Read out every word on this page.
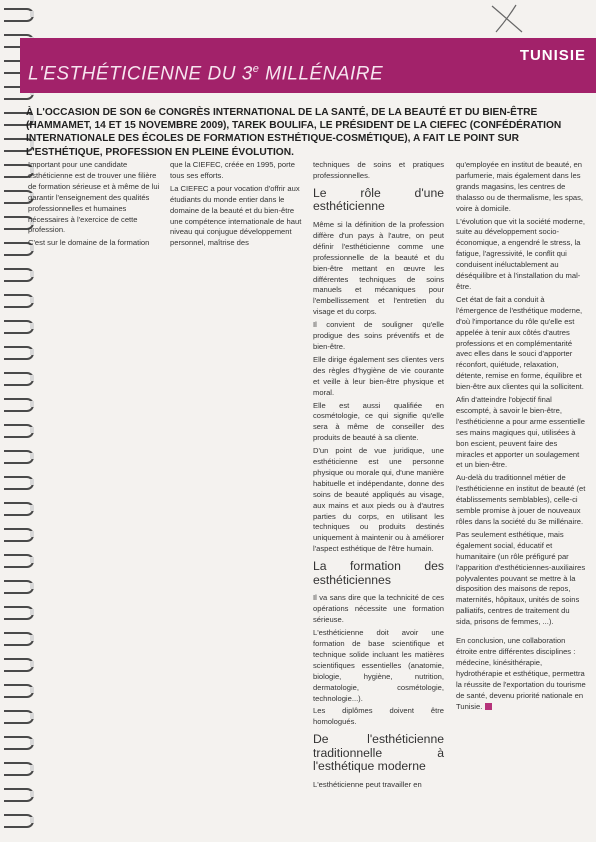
TUNISIE
L'ESTHÉTICIENNE DU 3e MILLÉNAIRE
À L'OCCASION DE SON 6e CONGRÈS INTERNATIONAL DE LA SANTÉ, DE LA BEAUTÉ ET DU BIEN-ÊTRE (HAMMAMET, 14 ET 15 NOVEMBRE 2009), TAREK BOULIFA, LE PRÉSIDENT DE LA CIEFEC (CONFÉDÉRATION INTERNATIONALE DES ÉCOLES DE FORMATION ESTHÉTIQUE-COSMÉTIQUE), A FAIT LE POINT SUR L'ESTHÉTIQUE, PROFESSION EN PLEINE ÉVOLUTION.

Important pour une candidate esthéticienne est de trouver une filière de formation sérieuse et à même de lui garantir l'enseignement des qualités professionnelles et humaines nécessaires à l'exercice de cette profession.

C'est sur le domaine de la formation

que la CIEFEC, créée en 1995, porte tous ses efforts.

La CIEFEC a pour vocation d'offrir aux étudiants du monde entier dans le domaine de la beauté et du bien-être une compétence internationale de haut niveau qui conjugue développement personnel, maîtrise des

techniques de soins et pratiques professionnelles.

Le rôle d'une esthéticienne

Même si la définition de la profession diffère d'un pays à l'autre, on peut définir l'esthéticienne comme une professionnelle de la beauté et du bien-être mettant en œuvre les différentes techniques de soins manuels et mécaniques pour l'embellissement et l'entretien du visage et du corps.

Il convient de souligner qu'elle prodigue des soins préventifs et de bien-être.

Elle dirige également ses clientes vers des règles d'hygiène de vie courante et veille à leur bien-être physique et moral.

Elle est aussi qualifiée en cosmétologie, ce qui signifie qu'elle sera à même de conseiller des produits de beauté à sa cliente.

D'un point de vue juridique, une esthéticienne est une personne physique ou morale qui, d'une manière habituelle et indépendante, donne des soins de beauté appliqués au visage, aux mains et aux pieds ou à d'autres parties du corps, en utilisant les techniques ou produits destinés uniquement à maintenir ou à améliorer l'aspect esthétique de l'être humain.

La formation des esthéticiennes

Il va sans dire que la technicité de ces opérations nécessite une formation sérieuse.

L'esthéticienne doit avoir une formation de base scientifique et technique solide incluant les matières scientifiques essentielles (anatomie, biologie, hygiène, nutrition, dermatologie, cosmétologie, technologie...).

Les diplômes doivent être homologués.

De l'esthéticienne traditionnelle à l'esthétique moderne

L'esthéticienne peut travailler en

qu'employée en institut de beauté, en parfumerie, mais également dans les grands magasins, les centres de thalasso ou de thermalisme, les spas, voire à domicile.

L'évolution que vit la société moderne, suite au développement socio-économique, a engendré le stress, la fatigue, l'agressivité, le conflit qui conduisent inéluctablement au déséquilibre et à l'installation du mal-être.

Cet état de fait a conduit à l'émergence de l'esthétique moderne, d'où l'importance du rôle qu'elle est appelée à tenir aux côtés d'autres professions et en complémentarité avec elles dans le souci d'apporter réconfort, quiétude, relaxation, détente, remise en forme, équilibre et bien-être aux clientes qui la sollicitent.

Afin d'atteindre l'objectif final escompté, à savoir le bien-être, l'esthéticienne a pour arme essentielle ses mains magiques qui, utilisées à bon escient, peuvent faire des miracles et apporter un soulagement et un bien-être.

Au-delà du traditionnel métier de l'esthéticienne en institut de beauté (et établissements semblables), celle-ci semble promise à jouer de nouveaux rôles dans la société du 3e millénaire.

Pas seulement esthétique, mais également social, éducatif et humanitaire (un rôle préfiguré par l'apparition d'esthéticiennes-auxiliaires polyvalentes pouvant se mettre à la disposition des maisons de repos, maternités, hôpitaux, unités de soins palliatifs, centres de traitement du sida, prisons de femmes, ...).

En conclusion, une collaboration étroite entre différentes disciplines : médecine, kinésithérapie, hydrothérapie et esthétique, permettra la réussite de l'exportation du tourisme de santé, devenu priorité nationale en Tunisie.
